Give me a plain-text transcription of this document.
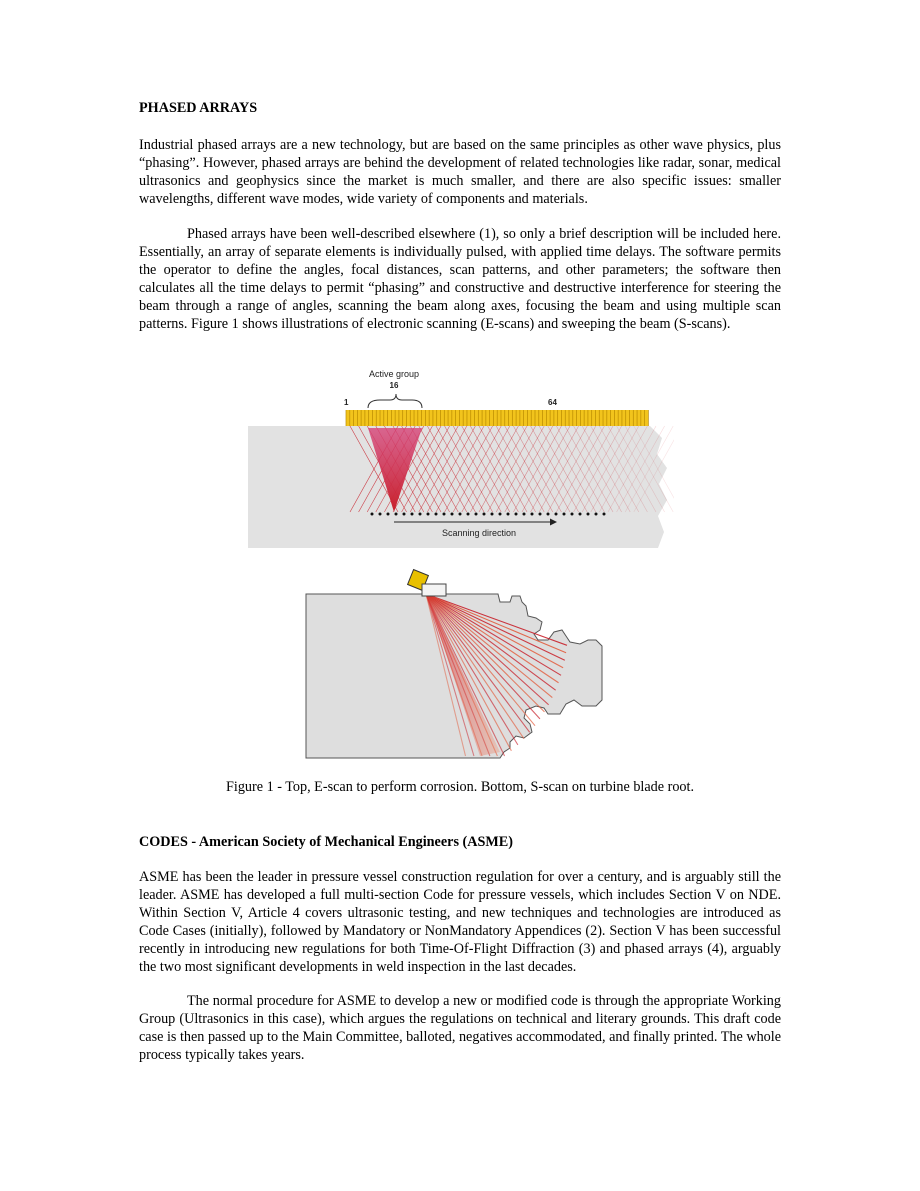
PHASED ARRAYS

Industrial phased arrays are a new technology, but are based on the same principles as other wave physics, plus “phasing”. However, phased arrays are behind the development of related technologies like radar, sonar, medical ultrasonics and geophysics since the market is much smaller, and there are also specific issues: smaller wavelengths, different wave modes, wide variety of components and materials.

Phased arrays have been well-described elsewhere (1), so only a brief description will be included here. Essentially, an array of separate elements is individually pulsed, with applied time delays. The software permits the operator to define the angles, focal distances, scan patterns, and other parameters; the software then calculates all the time delays to permit “phasing” and constructive and destructive interference for steering the beam through a range of angles, scanning the beam along axes, focusing the beam and using multiple scan patterns. Figure 1 shows illustrations of electronic scanning (E-scans) and sweeping the beam (S-scans).

Active group
16
1	64
Scanning direction
Figure 1 - Top, E-scan to perform corrosion. Bottom, S-scan on turbine blade root.
CODES - American Society of Mechanical Engineers (ASME)

ASME has been the leader in pressure vessel construction regulation for over a century, and is arguably still the leader. ASME has developed a full multi-section Code for pressure vessels, which includes Section V on NDE. Within Section V, Article 4 covers ultrasonic testing, and new techniques and technologies are introduced as Code Cases (initially), followed by Mandatory or NonMandatory Appendices (2). Section V has been successful recently in introducing new regulations for both Time-Of-Flight Diffraction (3) and phased arrays (4), arguably the two most significant developments in weld inspection in the last decades.

The normal procedure for ASME to develop a new or modified code is through the appropriate Working Group (Ultrasonics in this case), which argues the regulations on technical and literary grounds. This draft code case is then passed up to the Main Committee, balloted, negatives accommodated, and finally printed. The whole process typically takes years.
